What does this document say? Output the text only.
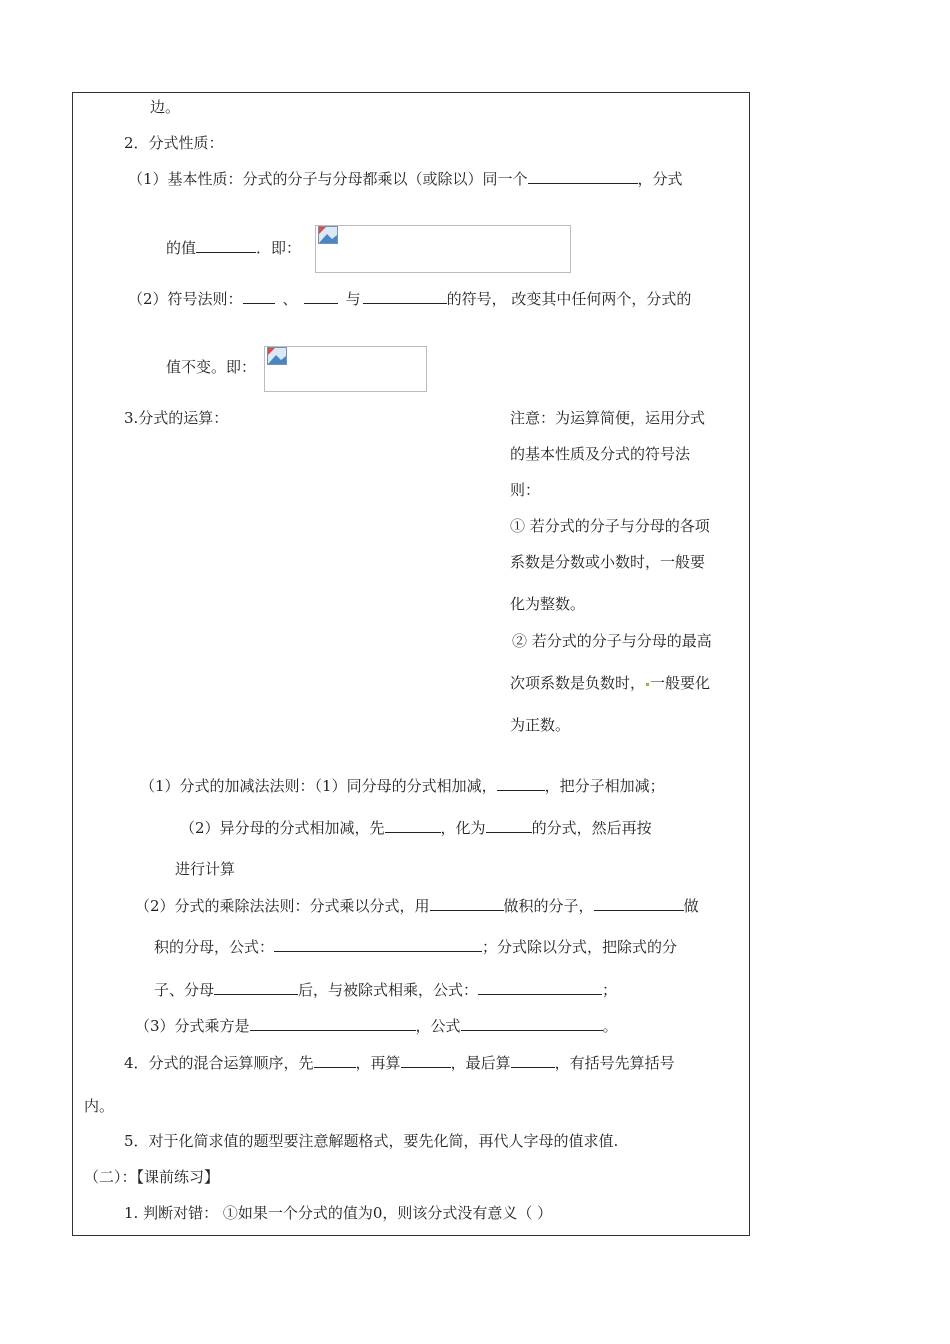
边。
2．分式性质：
（1）基本性质：分式的分子与分母都乘以（或除以）同一个	，分式
的值	．即：
（2）符号法则：	、	与	的符号， 改变其中任何两个，分式的
值不变。即：
3.分式的运算：	注意：为运算简便，运用分式
的基本性质及分式的符号法
则：
① 若分式的分子与分母的各项
系数是分数或小数时，一般要
化为整数。
② 若分式的分子与分母的最高
次项系数是负数时， 一般要化
为正数。
（1）分式的加减法法则：（1）同分母的分式相加减，	，把分子相加减；
（2）异分母的分式相加减，先	，化为	的分式，然后再按
进行计算
（2）分式的乘除法法则：分式乘以分式，用	做积的分子，	做
积的分母，公式：	；分式除以分式，把除式的分
子、分母	后，与被除式相乘，公式：	；
（3）分式乘方是	，公式	。
4．分式的混合运算顺序，先	，再算	，最后算	，有括号先算括号
内。
5．对于化简求值的题型要注意解题格式，要先化简，再代人字母的值求值.
（二）：【课前练习】
1. 判断对错： ①如果一个分式的值为0，则该分式没有意义（ ）
